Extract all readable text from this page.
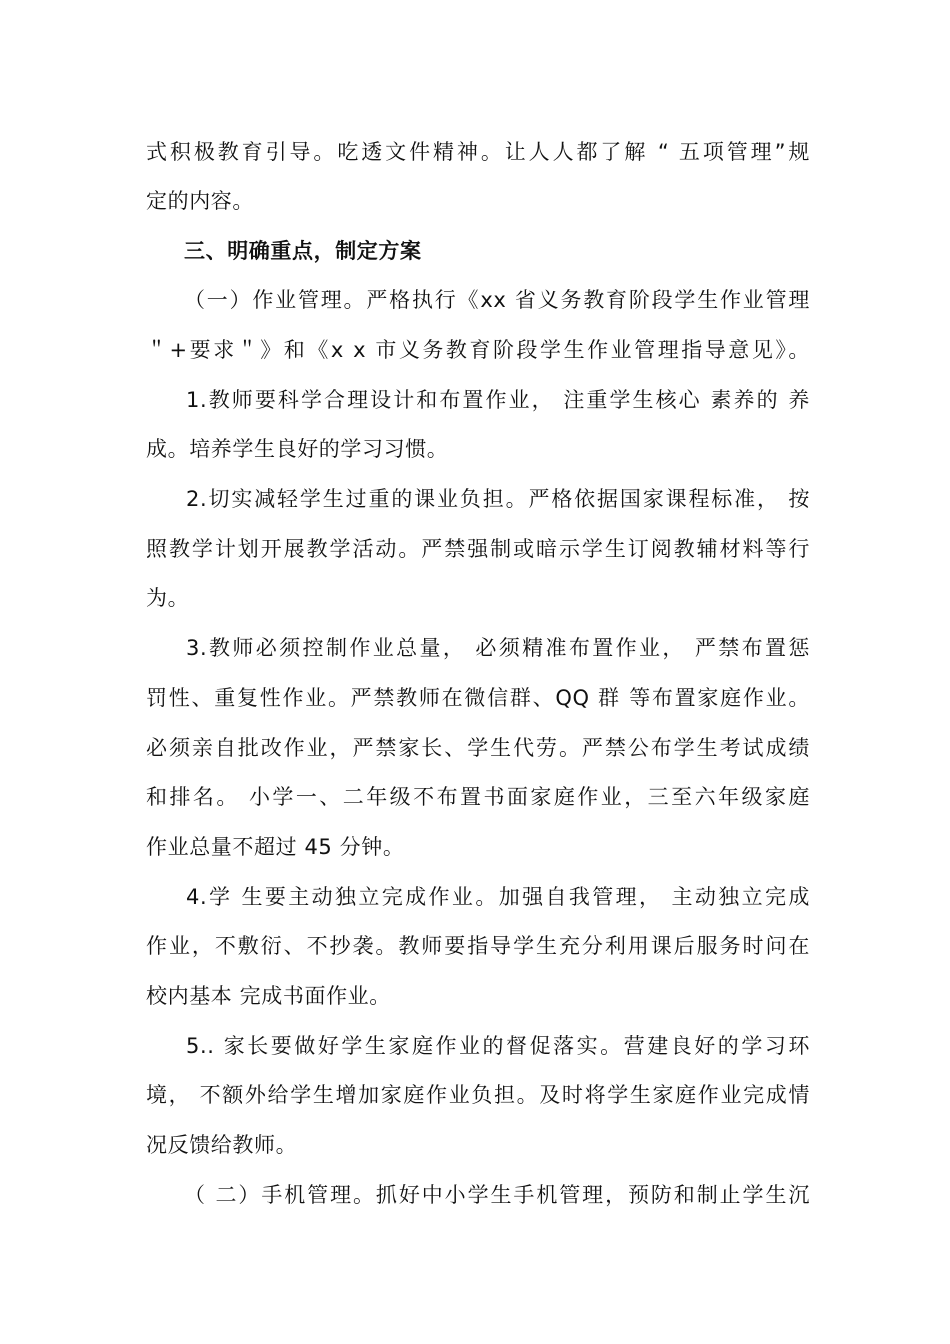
式积极教育引导。吃透文件精神。让人人都了解 “ 五项管理”规
定的内容。
三、明确重点，制定方案
（一）作业管理。严格执行《xx 省义务教育阶段学生作业管理
＂+要求＂》和《x x 市义务教育阶段学生作业管理指导意见》。
1.教师要科学合理设计和布置作业， 注重学生核心 素养的 养
成。培养学生良好的学习习惯。
2.切实减轻学生过重的课业负担。严格依据国家课程标准， 按
照教学计划开展教学活动。严禁强制或暗示学生订阅教辅材料等行
为。
3.教师必须控制作业总量， 必须精准布置作业， 严禁布置惩
罚性、重复性作业。严禁教师在微信群、QQ 群 等布置家庭作业。
必须亲自批改作业，严禁家长、学生代劳。严禁公布学生考试成绩
和排名。 小学一、二年级不布置书面家庭作业，三至六年级家庭
作业总量不超过 45 分钟。
4.学 生要主动独立完成作业。加强自我管理， 主动独立完成
作业，不敷衍、不抄袭。教师要指导学生充分利用课后服务时问在
校内基本 完成书面作业。
5.. 家长要做好学生家庭作业的督促落实。营建良好的学习环
境， 不额外给学生增加家庭作业负担。及时将学生家庭作业完成情
况反馈给教师。
（ 二）手机管理。抓好中小学生手机管理，预防和制止学生沉
